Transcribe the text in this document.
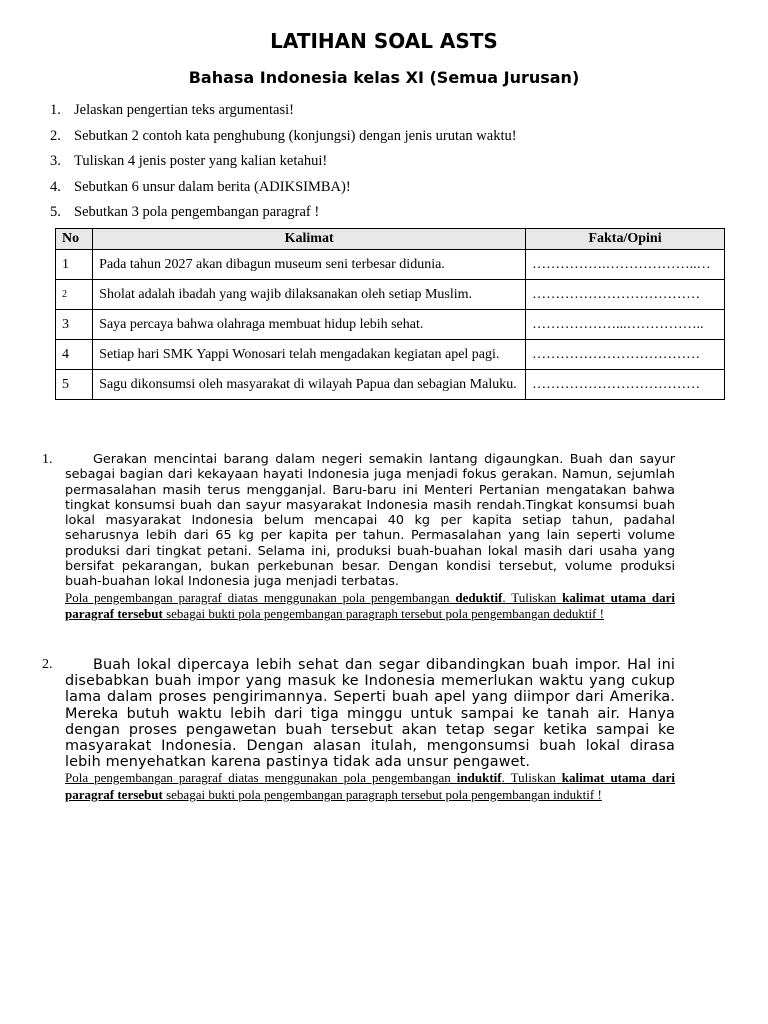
LATIHAN SOAL ASTS
Bahasa Indonesia kelas XI (Semua Jurusan)
1. Jelaskan pengertian teks argumentasi!
2. Sebutkan 2 contoh kata penghubung (konjungsi) dengan jenis urutan waktu!
3. Tuliskan 4 jenis poster yang kalian ketahui!
4. Sebutkan 6 unsur dalam berita (ADIKSIMBA)!
5. Sebutkan 3 pola pengembangan paragraf !
No	Kalimat	Fakta/Opini
1	Pada tahun 2027 akan dibagun museum seni terbesar didunia.	…………….………………..…
2	Sholat adalah ibadah yang wajib dilaksanakan oleh setiap Muslim.	………………………………
3	Saya percaya bahwa olahraga membuat hidup lebih sehat.	………………...……………..
4	Setiap hari SMK Yappi Wonosari telah mengadakan kegiatan apel pagi.	………………………………
5	Sagu dikonsumsi oleh masyarakat di wilayah Papua dan sebagian Maluku.	………………………………
1.	Gerakan mencintai barang dalam negeri semakin lantang digaungkan. Buah dan sayur sebagai bagian dari kekayaan hayati Indonesia juga menjadi fokus gerakan. Namun, sejumlah permasalahan masih terus mengganjal. Baru-baru ini Menteri Pertanian mengatakan bahwa tingkat konsumsi buah dan sayur masyarakat Indonesia masih rendah.Tingkat konsumsi buah lokal masyarakat Indonesia belum mencapai 40 kg per kapita setiap tahun, padahal seharusnya lebih dari 65 kg per kapita per tahun. Permasalahan yang lain seperti volume produksi dari tingkat petani. Selama ini, produksi buah-buahan lokal masih dari usaha yang bersifat pekarangan, bukan perkebunan besar. Dengan kondisi tersebut, volume produksi buah-buahan lokal Indonesia juga menjadi terbatas.
Pola pengembangan paragraf diatas menggunakan pola pengembangan deduktif. Tuliskan kalimat utama dari paragraf tersebut sebagai bukti pola pengembangan paragraph tersebut pola pengembangan deduktif !
2.	Buah lokal dipercaya lebih sehat dan segar dibandingkan buah impor. Hal ini disebabkan buah impor yang masuk ke Indonesia memerlukan waktu yang cukup lama dalam proses pengirimannya. Seperti buah apel yang diimpor dari Amerika. Mereka butuh waktu lebih dari tiga minggu untuk sampai ke tanah air. Hanya dengan proses pengawetan buah tersebut akan tetap segar ketika sampai ke masyarakat Indonesia. Dengan alasan itulah, mengonsumsi buah lokal dirasa lebih menyehatkan karena pastinya tidak ada unsur pengawet.
Pola pengembangan paragraf diatas menggunakan pola pengembangan induktif. Tuliskan kalimat utama dari paragraf tersebut sebagai bukti pola pengembangan paragraph tersebut pola pengembangan induktif !
